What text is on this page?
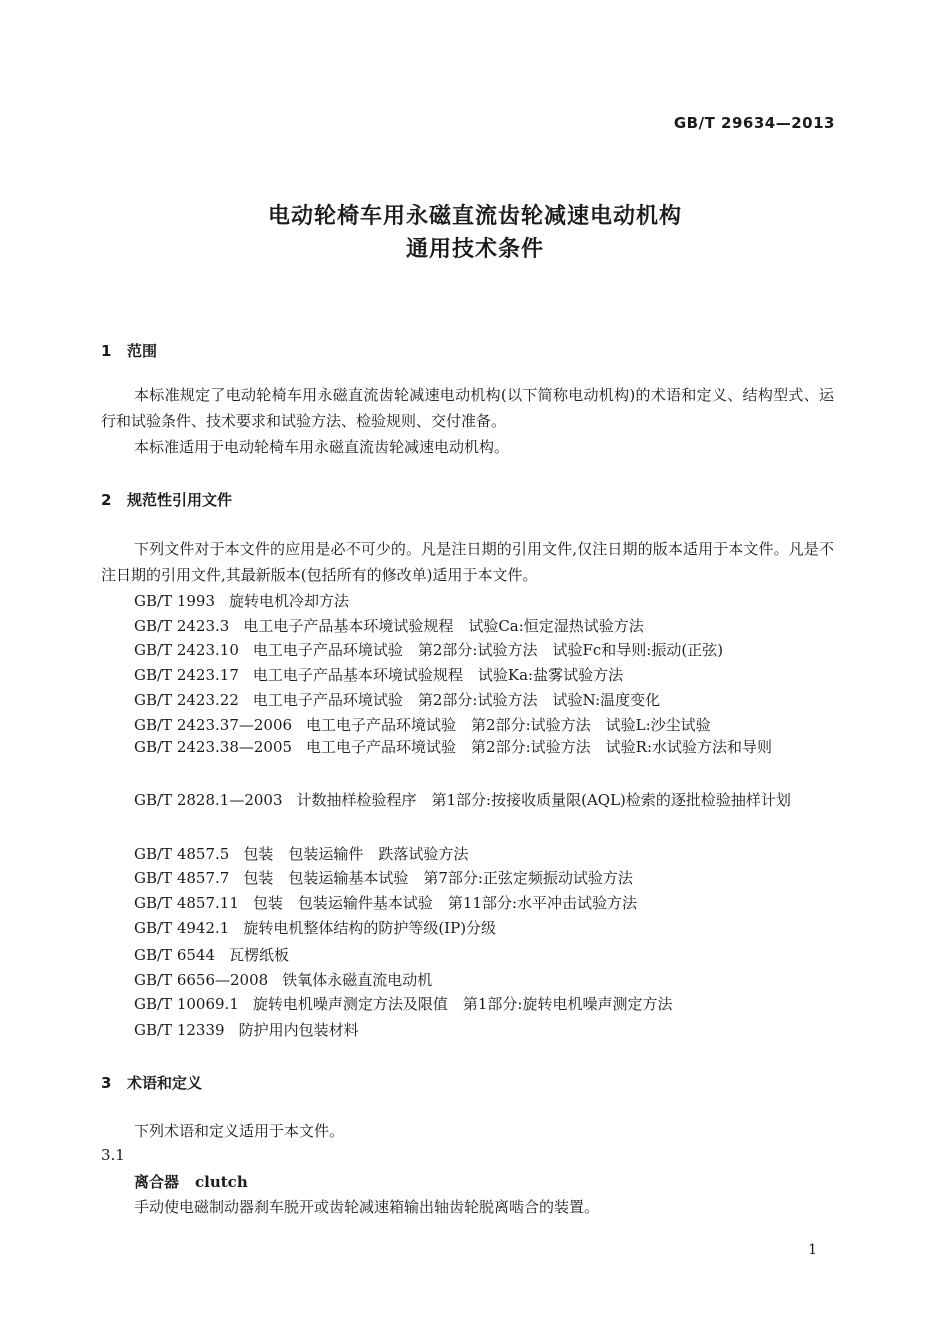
GB/T 29634—2013
电动轮椅车用永磁直流齿轮减速电动机构
通用技术条件
1 范围

本标准规定了电动轮椅车用永磁直流齿轮减速电动机构(以下简称电动机构)的术语和定义、结构型式、运行和试验条件、技术要求和试验方法、检验规则、交付准备。

本标准适用于电动轮椅车用永磁直流齿轮减速电动机构。

2 规范性引用文件

下列文件对于本文件的应用是必不可少的。凡是注日期的引用文件,仅注日期的版本适用于本文件。凡是不注日期的引用文件,其最新版本(包括所有的修改单)适用于本文件。

GB/T 1993 旋转电机冷却方法
GB/T 2423.3 电工电子产品基本环境试验规程　试验Ca:恒定湿热试验方法
GB/T 2423.10 电工电子产品环境试验　第2部分:试验方法　试验Fc和导则:振动(正弦)
GB/T 2423.17 电工电子产品基本环境试验规程　试验Ka:盐雾试验方法
GB/T 2423.22 电工电子产品环境试验　第2部分:试验方法　试验N:温度变化
GB/T 2423.37—2006 电工电子产品环境试验　第2部分:试验方法　试验L:沙尘试验

GB/T 2423.38—2005 电工电子产品环境试验　第2部分:试验方法　试验R:水试验方法和导则

GB/T 2828.1—2003 计数抽样检验程序　第1部分:按接收质量限(AQL)检索的逐批检验抽样计划

GB/T 4857.5 包装　包装运输件　跌落试验方法
GB/T 4857.7 包装　包装运输基本试验　第7部分:正弦定频振动试验方法
GB/T 4857.11 包装　包装运输件基本试验　第11部分:水平冲击试验方法
GB/T 4942.1 旋转电机整体结构的防护等级(IP)分级
GB/T 6544 瓦楞纸板
GB/T 6656—2008 铁氧体永磁直流电动机
GB/T 10069.1 旋转电机噪声测定方法及限值　第1部分:旋转电机噪声测定方法
GB/T 12339 防护用内包装材料
3 术语和定义
下列术语和定义适用于本文件。
3.1
离合器 clutch
手动使电磁制动器刹车脱开或齿轮减速箱输出轴齿轮脱离啮合的装置。
1
